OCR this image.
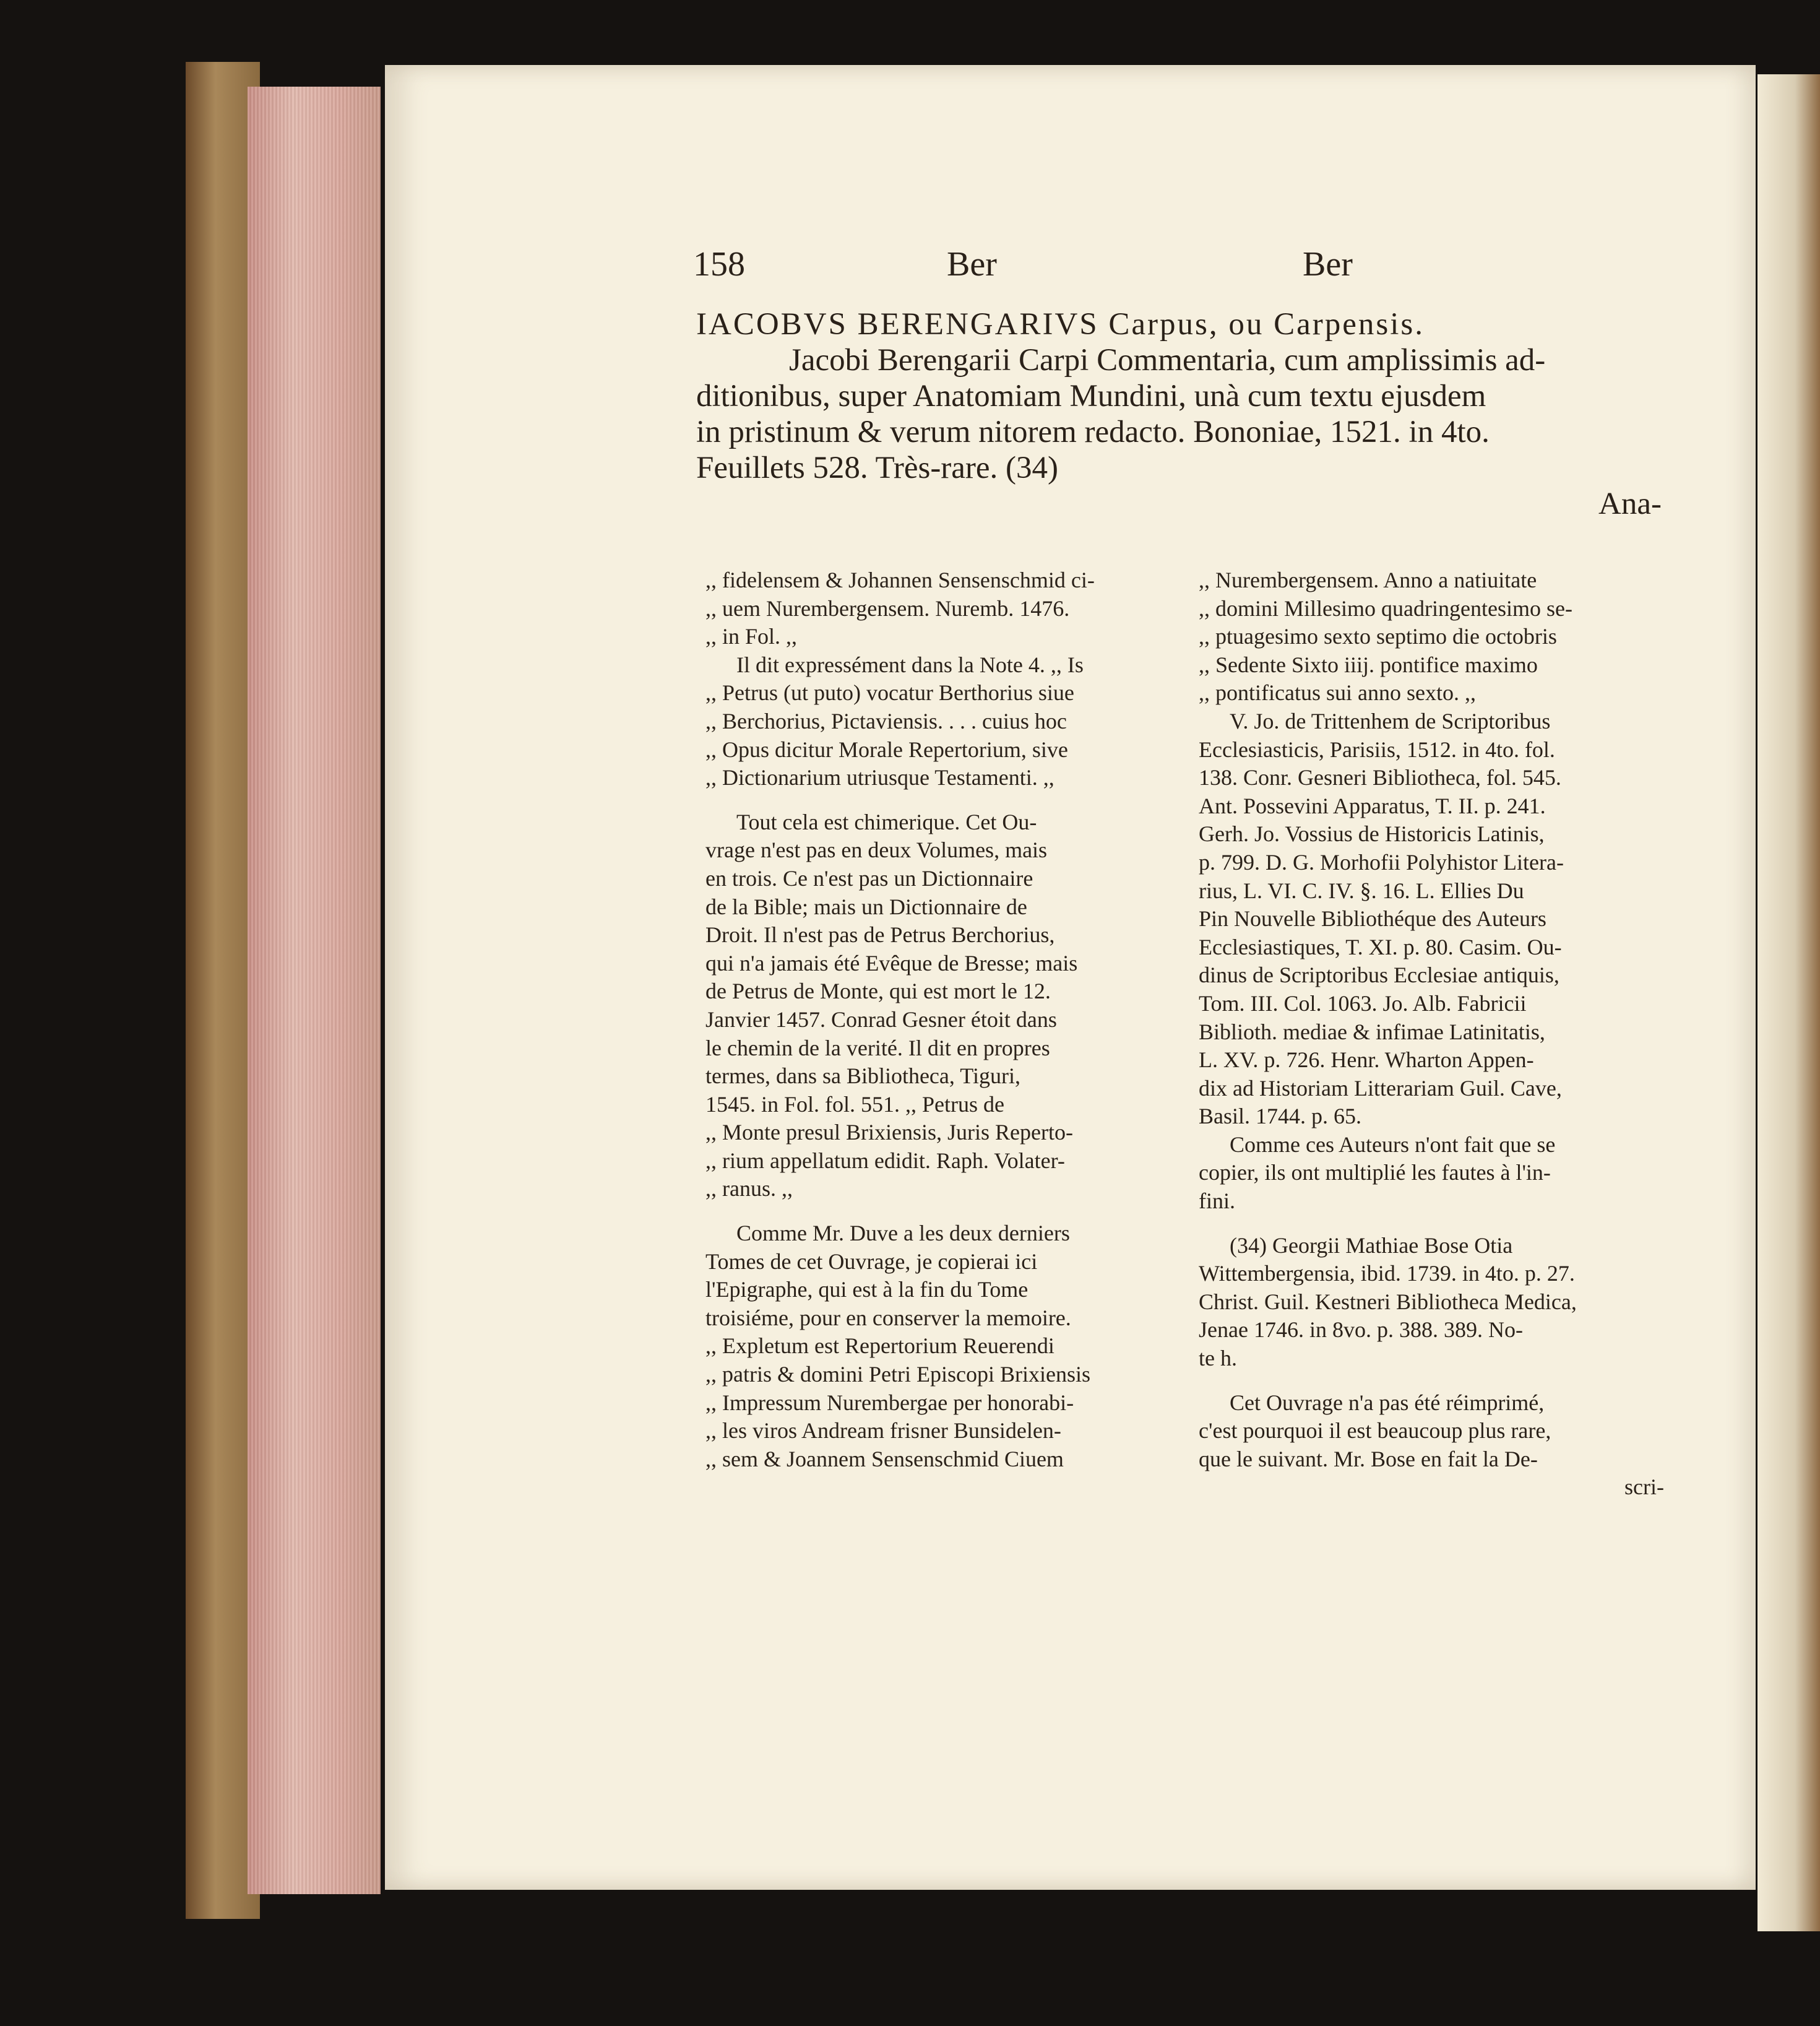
158	Ber	Ber

IACOBVS BERENGARIVS Carpus, ou Carpensis.

Jacobi Berengarii Carpi Commentaria, cum amplissimis ad-

ditionibus, super Anatomiam Mundini, unà cum textu ejusdem

in pristinum & verum nitorem redacto. Bononiae, 1521. in 4to.

Feuillets 528. Très-rare. (34)

Ana-

,, fidelensem & Johannen Sensenschmid ci-

,, uem Nurembergensem. Nuremb. 1476.

,, in Fol. ,,

Il dit expressément dans la Note 4. ,, Is

,, Petrus (ut puto) vocatur Berthorius siue

,, Berchorius, Pictaviensis. . . . cuius hoc

,, Opus dicitur Morale Repertorium, sive

,, Dictionarium utriusque Testamenti. ,,

Tout cela est chimerique. Cet Ou-

vrage n'est pas en deux Volumes, mais

en trois. Ce n'est pas un Dictionnaire

de la Bible; mais un Dictionnaire de

Droit. Il n'est pas de Petrus Berchorius,

qui n'a jamais été Evêque de Bresse; mais

de Petrus de Monte, qui est mort le 12.

Janvier 1457. Conrad Gesner étoit dans

le chemin de la verité. Il dit en propres

termes, dans sa Bibliotheca, Tiguri,

1545. in Fol. fol. 551. ,, Petrus de

,, Monte presul Brixiensis, Juris Reperto-

,, rium appellatum edidit. Raph. Volater-

,, ranus. ,,

Comme Mr. Duve a les deux derniers

Tomes de cet Ouvrage, je copierai ici

l'Epigraphe, qui est à la fin du Tome

troisiéme, pour en conserver la memoire.

,, Expletum est Repertorium Reuerendi

,, patris & domini Petri Episcopi Brixiensis

,, Impressum Nurembergae per honorabi-

,, les viros Andream frisner Bunsidelen-

,, sem & Joannem Sensenschmid Ciuem

,, Nurembergensem. Anno a natiuitate

,, domini Millesimo quadringentesimo se-

,, ptuagesimo sexto septimo die octobris

,, Sedente Sixto iiij. pontifice maximo

,, pontificatus sui anno sexto. ,,

V. Jo. de Trittenhem de Scriptoribus

Ecclesiasticis, Parisiis, 1512. in 4to. fol.

138. Conr. Gesneri Bibliotheca, fol. 545.

Ant. Possevini Apparatus, T. II. p. 241.

Gerh. Jo. Vossius de Historicis Latinis,

p. 799. D. G. Morhofii Polyhistor Litera-

rius, L. VI. C. IV. §. 16. L. Ellies Du

Pin Nouvelle Bibliothéque des Auteurs

Ecclesiastiques, T. XI. p. 80. Casim. Ou-

dinus de Scriptoribus Ecclesiae antiquis,

Tom. III. Col. 1063. Jo. Alb. Fabricii

Biblioth. mediae & infimae Latinitatis,

L. XV. p. 726. Henr. Wharton Appen-

dix ad Historiam Litterariam Guil. Cave,

Basil. 1744. p. 65.

Comme ces Auteurs n'ont fait que se

copier, ils ont multiplié les fautes à l'in-

fini.

(34) Georgii Mathiae Bose Otia

Wittembergensia, ibid. 1739. in 4to. p. 27.

Christ. Guil. Kestneri Bibliotheca Medica,

Jenae 1746. in 8vo. p. 388. 389. No-

te h.

Cet Ouvrage n'a pas été réimprimé,

c'est pourquoi il est beaucoup plus rare,

que le suivant. Mr. Bose en fait la De-

scri-
